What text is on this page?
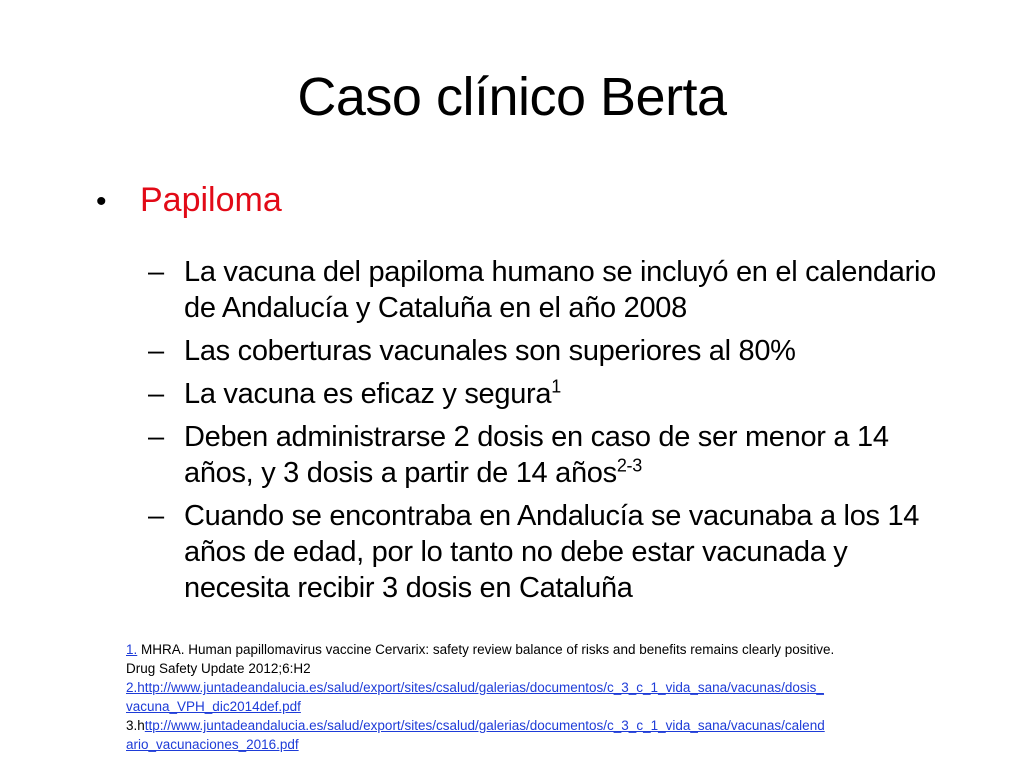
Caso clínico Berta
• Papiloma
– La vacuna del papiloma humano se incluyó en el calendario de Andalucía y Cataluña en el año 2008
– Las coberturas vacunales son superiores al 80%
– La vacuna es eficaz y segura$^1$
– Deben administrarse 2 dosis en caso de ser menor a 14 años, y 3 dosis a partir de 14 años$^{2-3}$
– Cuando se encontraba en Andalucía se vacunaba a los 14 años de edad, por lo tanto no debe estar vacunada y necesita recibir 3 dosis en Cataluña
1. MHRA. Human papillomavirus vaccine Cervarix: safety review balance of risks and benefits remains clearly positive.
Drug Safety Update 2012;6:H2
2.http://www.juntadeandalucia.es/salud/export/sites/csalud/galerias/documentos/c_3_c_1_vida_sana/vacunas/dosis_
vacuna_VPH_dic2014def.pdf
3.http://www.juntadeandalucia.es/salud/export/sites/csalud/galerias/documentos/c_3_c_1_vida_sana/vacunas/calend
ario_vacunaciones_2016.pdf
